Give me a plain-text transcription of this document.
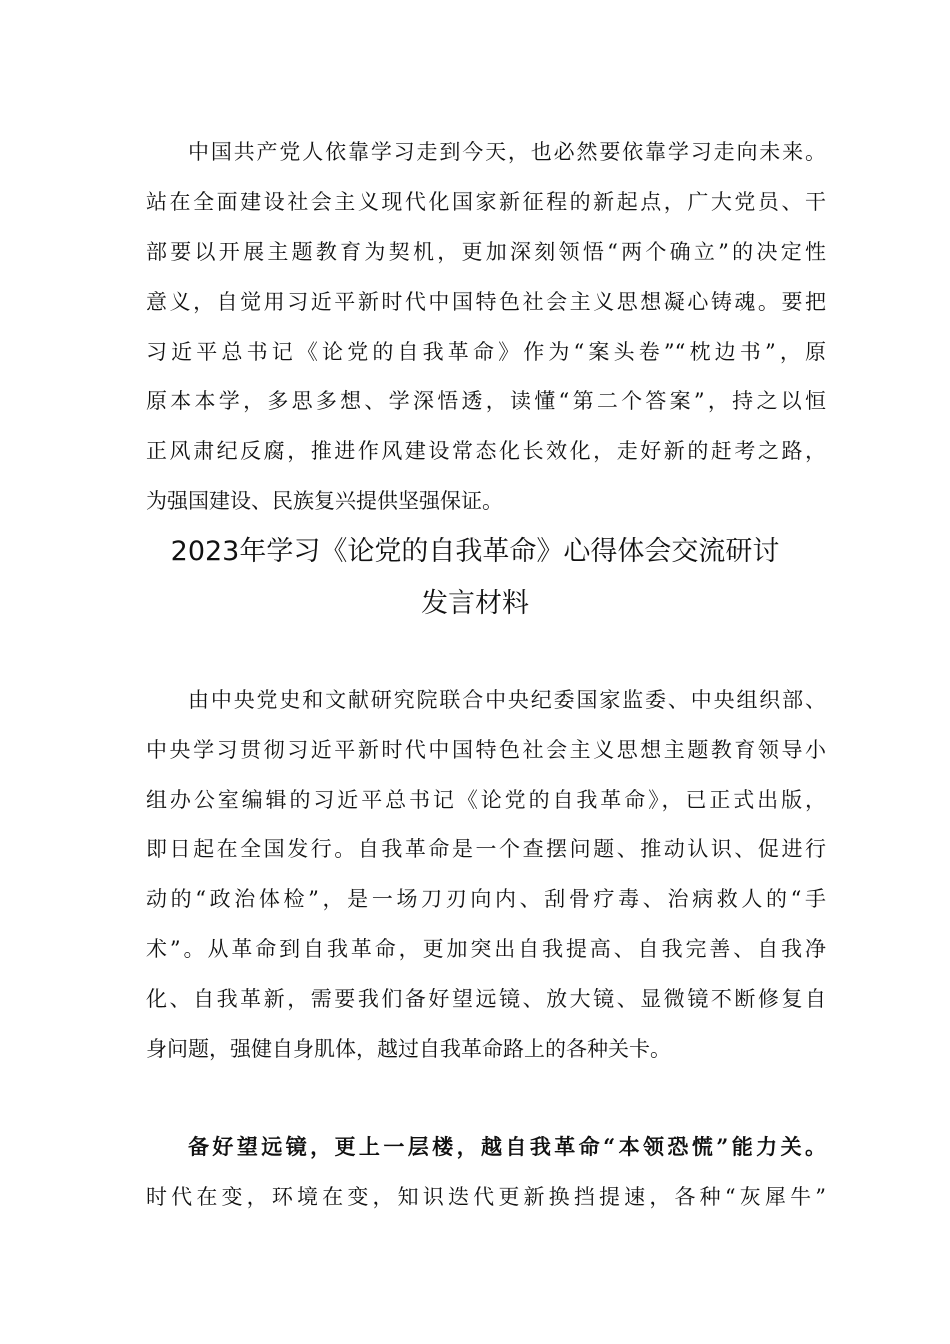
中国共产党人依靠学习走到今天，也必然要依靠学习走向未来。
站在全面建设社会主义现代化国家新征程的新起点，广大党员、干
部要以开展主题教育为契机，更加深刻领悟“两个确立”的决定性
意义，自觉用习近平新时代中国特色社会主义思想凝心铸魂。要把
习近平总书记《论党的自我革命》作为“案头卷”“枕边书”，原
原本本学，多思多想、学深悟透，读懂“第二个答案”，持之以恒
正风肃纪反腐，推进作风建设常态化长效化，走好新的赶考之路，
为强国建设、民族复兴提供坚强保证。
2023年学习《论党的自我革命》心得体会交流研讨
发言材料
由中央党史和文献研究院联合中央纪委国家监委、中央组织部、
中央学习贯彻习近平新时代中国特色社会主义思想主题教育领导小
组办公室编辑的习近平总书记《论党的自我革命》，已正式出版，
即日起在全国发行。自我革命是一个查摆问题、推动认识、促进行
动的“政治体检”，是一场刀刃向内、刮骨疗毒、治病救人的“手
术”。从革命到自我革命，更加突出自我提高、自我完善、自我净
化、自我革新，需要我们备好望远镜、放大镜、显微镜不断修复自
身问题，强健自身肌体，越过自我革命路上的各种关卡。
备好望远镜，更上一层楼，越自我革命“本领恐慌”能力关。
时代在变，环境在变，知识迭代更新换挡提速，各种“灰犀牛”
